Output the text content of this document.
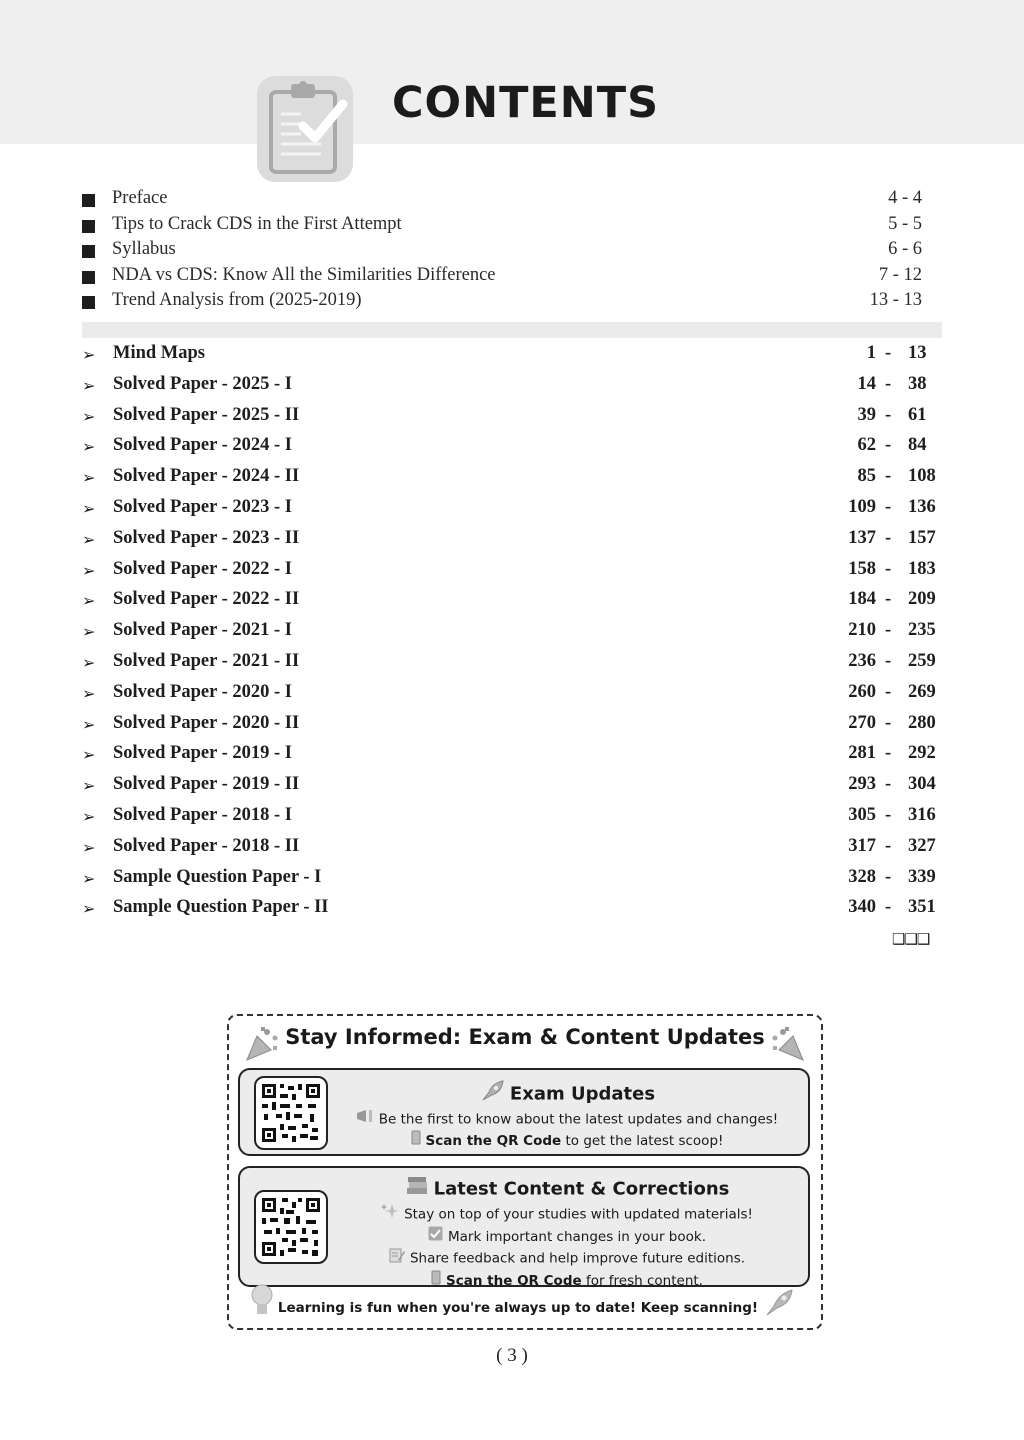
CONTENTS
Preface	4 - 4
Tips to Crack CDS in the First Attempt	5 - 5
Syllabus	6 - 6
NDA vs CDS: Know All the Similarities Difference	7 - 12
Trend Analysis from (2025-2019)	13 - 13
➢ Mind Maps	1 - 13
➢ Solved Paper - 2025 - I	14 - 38
➢ Solved Paper - 2025 - II	39 - 61
➢ Solved Paper - 2024 - I	62 - 84
➢ Solved Paper - 2024 - II	85 - 108
➢ Solved Paper - 2023 - I	109 - 136
➢ Solved Paper - 2023 - II	137 - 157
➢ Solved Paper - 2022 - I	158 - 183
➢ Solved Paper - 2022 - II	184 - 209
➢ Solved Paper - 2021 - I	210 - 235
➢ Solved Paper - 2021 - II	236 - 259
➢ Solved Paper - 2020 - I	260 - 269
➢ Solved Paper - 2020 - II	270 - 280
➢ Solved Paper - 2019 - I	281 - 292
➢ Solved Paper - 2019 - II	293 - 304
➢ Solved Paper - 2018 - I	305 - 316
➢ Solved Paper - 2018 - II	317 - 327
➢ Sample Question Paper - I	328 - 339
➢ Sample Question Paper - II	340 - 351
❑❑❑
Stay Informed: Exam & Content Updates
Exam Updates
Be the first to know about the latest updates and changes!
Scan the QR Code to get the latest scoop!
Latest Content & Corrections
Stay on top of your studies with updated materials!
Mark important changes in your book.
Share feedback and help improve future editions.
Scan the QR Code for fresh content.
Learning is fun when you're always up to date! Keep scanning!
( 3 )
